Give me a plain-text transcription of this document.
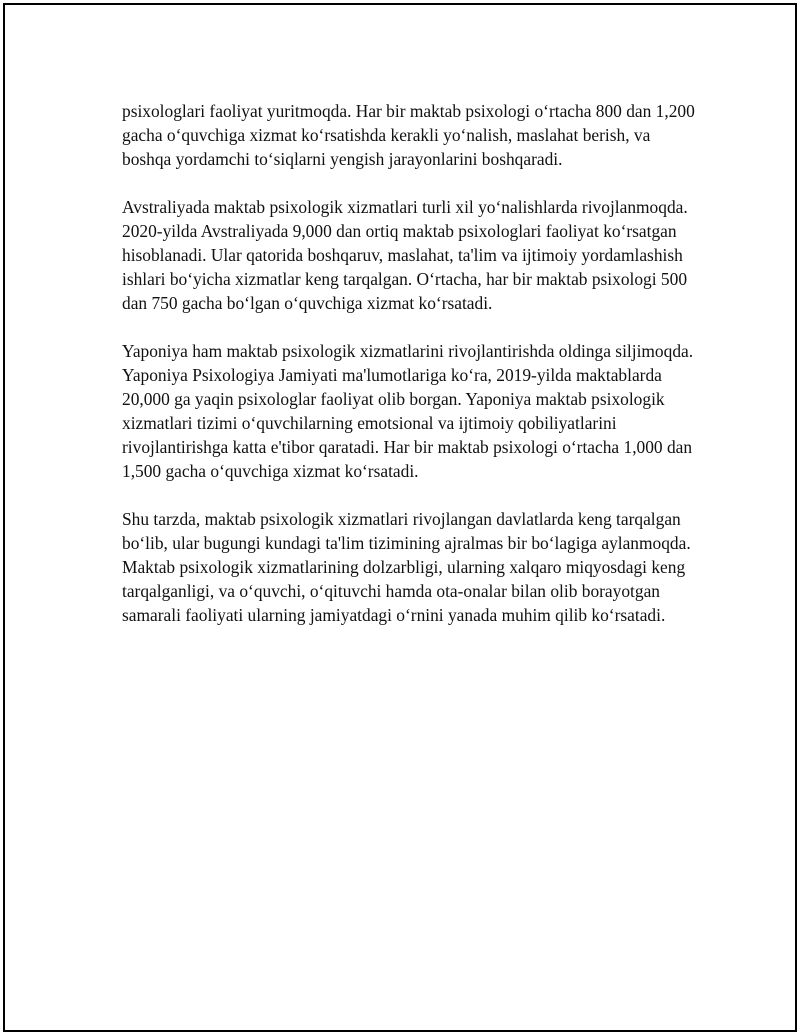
psixologlari faoliyat yuritmoqda. Har bir maktab psixologi o‘rtacha 800 dan 1,200 gacha o‘quvchiga xizmat ko‘rsatishda kerakli yo‘nalish, maslahat berish, va boshqa yordamchi to‘siqlarni yengish jarayonlarini boshqaradi.

Avstraliyada maktab psixologik xizmatlari turli xil yo‘nalishlarda rivojlanmoqda. 2020-yilda Avstraliyada 9,000 dan ortiq maktab psixologlari faoliyat ko‘rsatgan hisoblanadi. Ular qatorida boshqaruv, maslahat, ta'lim va ijtimoiy yordamlashish ishlari bo‘yicha xizmatlar keng tarqalgan. O‘rtacha, har bir maktab psixologi 500 dan 750 gacha bo‘lgan o‘quvchiga xizmat ko‘rsatadi.

Yaponiya ham maktab psixologik xizmatlarini rivojlantirishda oldinga siljimoqda. Yaponiya Psixologiya Jamiyati ma'lumotlariga ko‘ra, 2019-yilda maktablarda 20,000 ga yaqin psixologlar faoliyat olib borgan. Yaponiya maktab psixologik xizmatlari tizimi o‘quvchilarning emotsional va ijtimoiy qobiliyatlarini rivojlantirishga katta e'tibor qaratadi. Har bir maktab psixologi o‘rtacha 1,000 dan 1,500 gacha o‘quvchiga xizmat ko‘rsatadi.

Shu tarzda, maktab psixologik xizmatlari rivojlangan davlatlarda keng tarqalgan bo‘lib, ular bugungi kundagi ta'lim tizimining ajralmas bir bo‘lagiga aylanmoqda. Maktab psixologik xizmatlarining dolzarbligi, ularning xalqaro miqyosdagi keng tarqalganligi, va o‘quvchi, o‘qituvchi hamda ota-onalar bilan olib borayotgan samarali faoliyati ularning jamiyatdagi o‘rnini yanada muhim qilib ko‘rsatadi.
